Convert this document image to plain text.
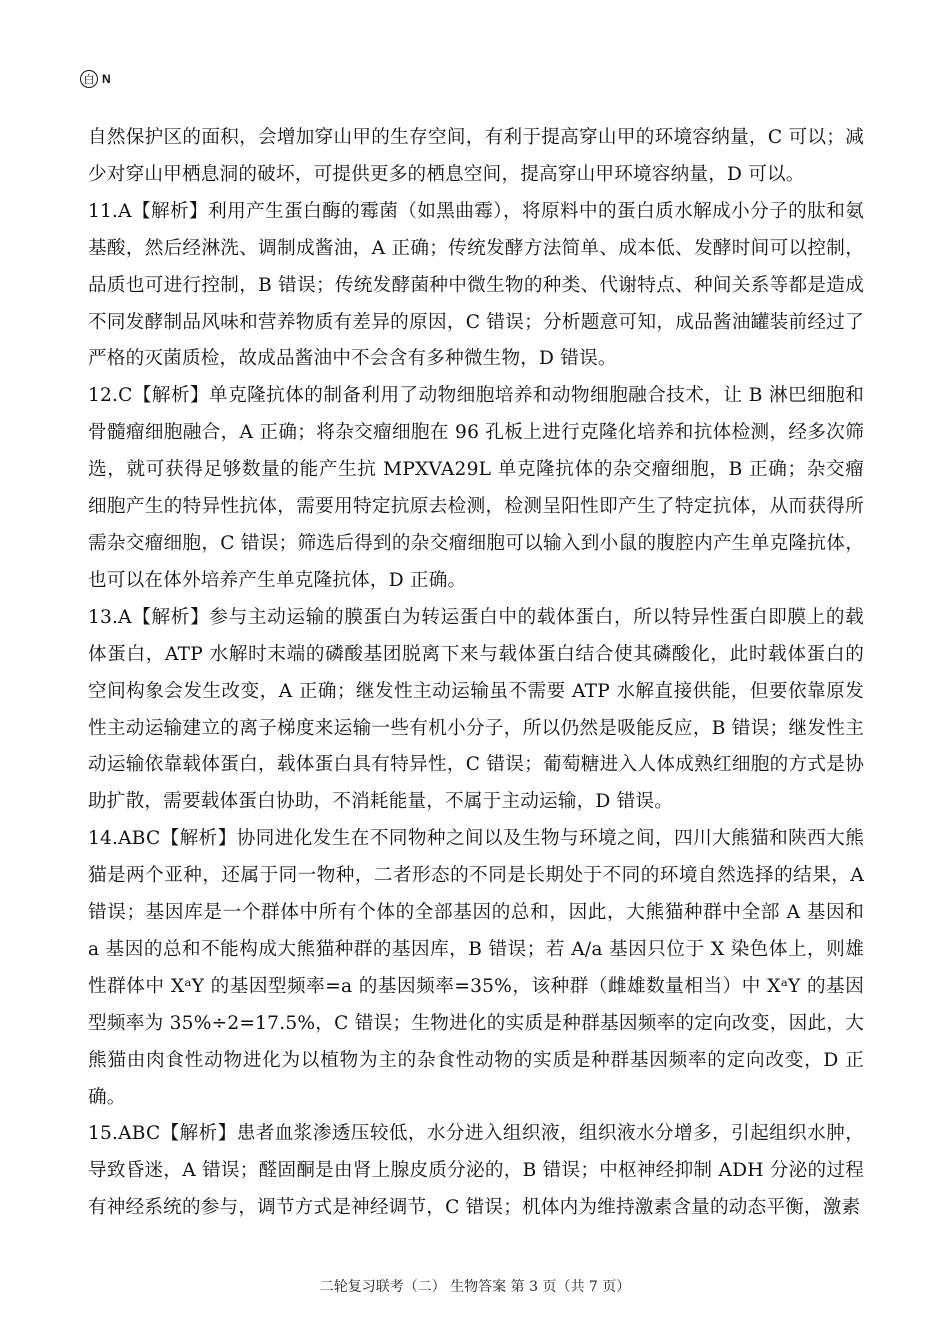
白 N

自然保护区的面积，会增加穿山甲的生存空间，有利于提高穿山甲的环境容纳量，C 可以；减少对穿山甲栖息洞的破坏，可提供更多的栖息空间，提高穿山甲环境容纳量，D 可以。

11.A【解析】利用产生蛋白酶的霉菌（如黑曲霉），将原料中的蛋白质水解成小分子的肽和氨基酸，然后经淋洗、调制成酱油，A 正确；传统发酵方法简单、成本低、发酵时间可以控制，品质也可进行控制，B 错误；传统发酵菌种中微生物的种类、代谢特点、种间关系等都是造成不同发酵制品风味和营养物质有差异的原因，C 错误；分析题意可知，成品酱油罐装前经过了严格的灭菌质检，故成品酱油中不会含有多种微生物，D 错误。

12.C【解析】单克隆抗体的制备利用了动物细胞培养和动物细胞融合技术，让 B 淋巴细胞和骨髓瘤细胞融合，A 正确；将杂交瘤细胞在 96 孔板上进行克隆化培养和抗体检测，经多次筛选，就可获得足够数量的能产生抗 MPXVA29L 单克隆抗体的杂交瘤细胞，B 正确；杂交瘤细胞产生的特异性抗体，需要用特定抗原去检测，检测呈阳性即产生了特定抗体，从而获得所需杂交瘤细胞，C 错误；筛选后得到的杂交瘤细胞可以输入到小鼠的腹腔内产生单克隆抗体，也可以在体外培养产生单克隆抗体，D 正确。

13.A【解析】参与主动运输的膜蛋白为转运蛋白中的载体蛋白，所以特异性蛋白即膜上的载体蛋白，ATP 水解时末端的磷酸基团脱离下来与载体蛋白结合使其磷酸化，此时载体蛋白的空间构象会发生改变，A 正确；继发性主动运输虽不需要 ATP 水解直接供能，但要依靠原发性主动运输建立的离子梯度来运输一些有机小分子，所以仍然是吸能反应，B 错误；继发性主动运输依靠载体蛋白，载体蛋白具有特异性，C 错误；葡萄糖进入人体成熟红细胞的方式是协助扩散，需要载体蛋白协助，不消耗能量，不属于主动运输，D 错误。

14.ABC【解析】协同进化发生在不同物种之间以及生物与环境之间，四川大熊猫和陕西大熊猫是两个亚种，还属于同一物种，二者形态的不同是长期处于不同的环境自然选择的结果，A 错误；基因库是一个群体中所有个体的全部基因的总和，因此，大熊猫种群中全部 A 基因和 a 基因的总和不能构成大熊猫种群的基因库，B 错误；若 A/a 基因只位于 X 染色体上，则雄性群体中 XᵃY 的基因型频率=a 的基因频率=35%，该种群（雌雄数量相当）中 XᵃY 的基因型频率为 35%÷2=17.5%，C 错误；生物进化的实质是种群基因频率的定向改变，因此，大熊猫由肉食性动物进化为以植物为主的杂食性动物的实质是种群基因频率的定向改变，D 正确。

15.ABC【解析】患者血浆渗透压较低，水分进入组织液，组织液水分增多，引起组织水肿，导致昏迷，A 错误；醛固酮是由肾上腺皮质分泌的，B 错误；中枢神经抑制 ADH 分泌的过程有神经系统的参与，调节方式是神经调节，C 错误；机体内为维持激素含量的动态平衡，激素

二轮复习联考（二） 生物答案 第 3 页（共 7 页）
